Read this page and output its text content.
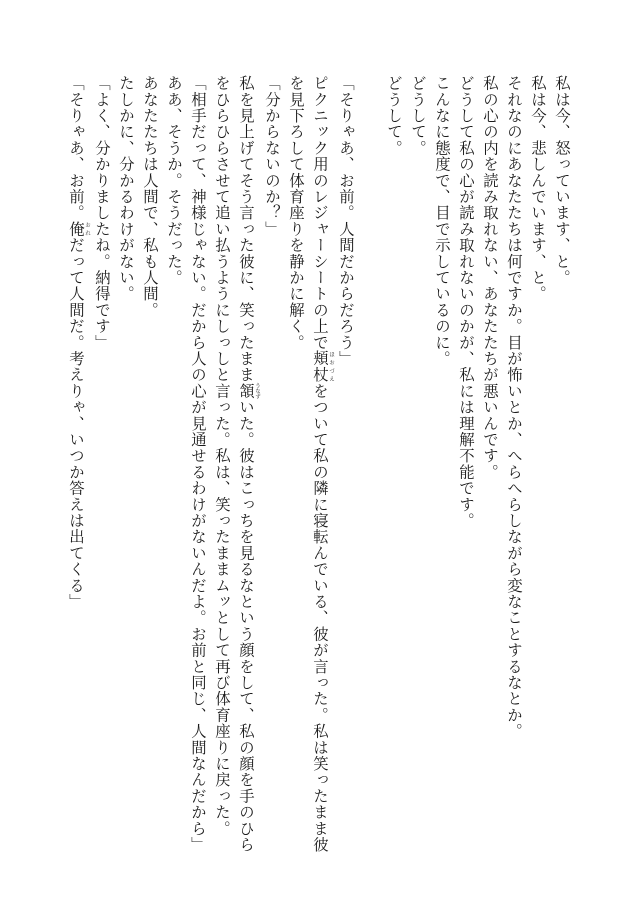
私は今、怒っています、と。
私は今、悲しんでいます、と。
それなのにあなたたちは何ですか。目が怖いとか、へらへらしながら変なことするなとか。
私の心の内を読み取れない、あなたたちが悪いんです。
どうして私の心が読み取れないのかが、私には理解不能です。
こんなに態度で、目で示しているのに。
どうして。
どうして。
「そりゃあ、お前。人間だからだろう」
ピクニック用のレジャーシートの上で頬杖 ほおづえをついて私の隣に寝転んでいる、彼が言った。私は笑ったまま彼を見下ろして体育座りを静かに解く。
「分からないのか？」
私を見上げてそう言った彼に、笑ったまま頷 うなずいた。彼はこっちを見るなという顔をして、私の顔を手のひらをひらひらさせて追い払うようにしっしと言った。私は、笑ったままムッとして再び体育座りに戻った。
「相手だって、神様じゃない。だから人の心が見通せるわけがないんだよ。お前と同じ、人間なんだから」
ああ、そうか。そうだった。
あなたたちは人間で、私も人間。
たしかに、分かるわけがない。
「よく、分かりましたね。納得です」
「そりゃあ、お前。俺 おれだって人間だ。考えりゃ、いつか答えは出てくる」
